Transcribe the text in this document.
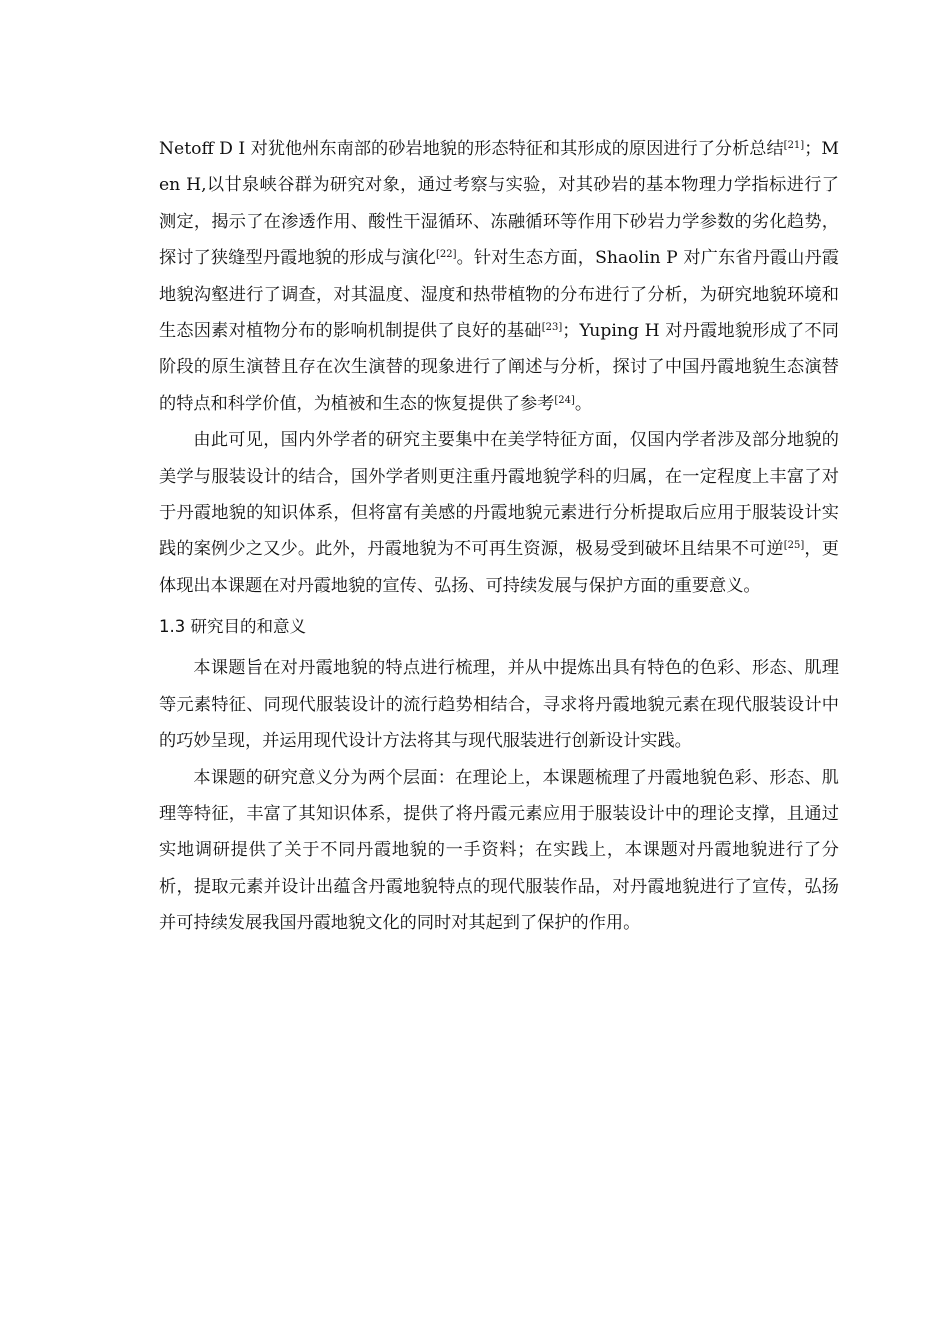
Netoff D I 对犹他州东南部的砂岩地貌的形态特征和其形成的原因进行了分析总结[21]；Men H,以甘泉峡谷群为研究对象，通过考察与实验，对其砂岩的基本物理力学指标进行了测定，揭示了在渗透作用、酸性干湿循环、冻融循环等作用下砂岩力学参数的劣化趋势，探讨了狭缝型丹霞地貌的形成与演化[22]。针对生态方面，Shaolin P 对广东省丹霞山丹霞地貌沟壑进行了调查，对其温度、湿度和热带植物的分布进行了分析，为研究地貌环境和生态因素对植物分布的影响机制提供了良好的基础[23]；Yuping H 对丹霞地貌形成了不同阶段的原生演替且存在次生演替的现象进行了阐述与分析，探讨了中国丹霞地貌生态演替的特点和科学价值，为植被和生态的恢复提供了参考[24]。

由此可见，国内外学者的研究主要集中在美学特征方面，仅国内学者涉及部分地貌的美学与服装设计的结合，国外学者则更注重丹霞地貌学科的归属，在一定程度上丰富了对于丹霞地貌的知识体系，但将富有美感的丹霞地貌元素进行分析提取后应用于服装设计实践的案例少之又少。此外，丹霞地貌为不可再生资源，极易受到破坏且结果不可逆[25]，更体现出本课题在对丹霞地貌的宣传、弘扬、可持续发展与保护方面的重要意义。

1.3 研究目的和意义

本课题旨在对丹霞地貌的特点进行梳理，并从中提炼出具有特色的色彩、形态、肌理等元素特征、同现代服装设计的流行趋势相结合，寻求将丹霞地貌元素在现代服装设计中的巧妙呈现，并运用现代设计方法将其与现代服装进行创新设计实践。

本课题的研究意义分为两个层面：在理论上，本课题梳理了丹霞地貌色彩、形态、肌理等特征，丰富了其知识体系，提供了将丹霞元素应用于服装设计中的理论支撑，且通过实地调研提供了关于不同丹霞地貌的一手资料；在实践上，本课题对丹霞地貌进行了分析，提取元素并设计出蕴含丹霞地貌特点的现代服装作品，对丹霞地貌进行了宣传，弘扬并可持续发展我国丹霞地貌文化的同时对其起到了保护的作用。
